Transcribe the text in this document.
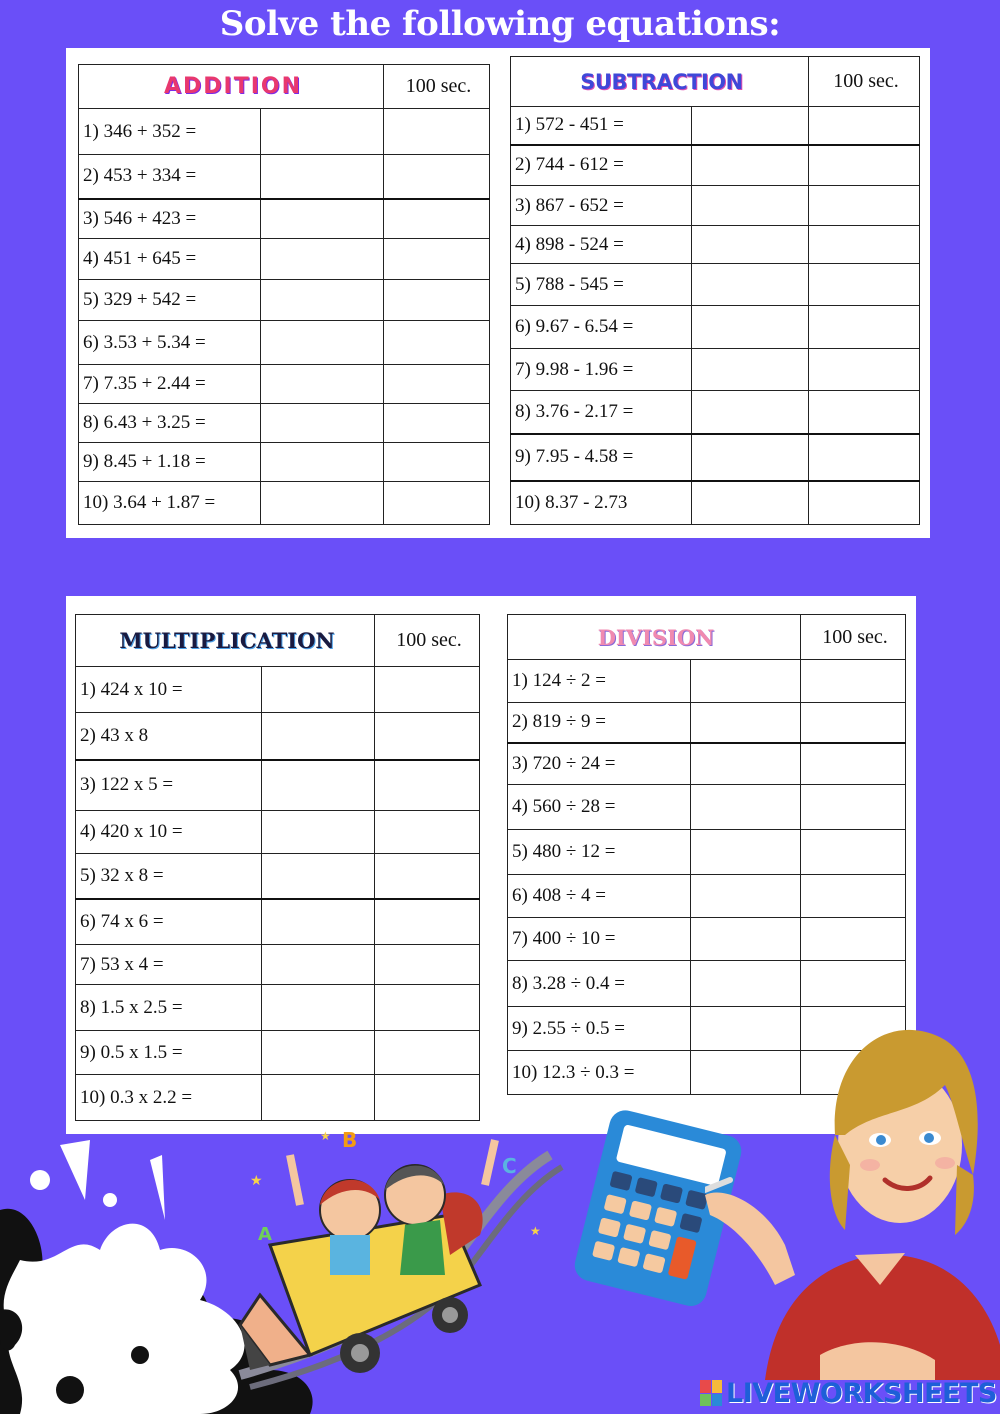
Solve the following equations:
ADDITION		100 sec.
1) 346 + 352 =		
2) 453 + 334 =		
3) 546 + 423 =		
4) 451 + 645 =		
5) 329 + 542 =		
6) 3.53 + 5.34 =		
7) 7.35 + 2.44 =		
8) 6.43 + 3.25 =		
9) 8.45 + 1.18 =		
10) 3.64 + 1.87 =		
SUBTRACTION		100 sec.
1) 572 - 451 =		
2) 744 - 612 =		
3) 867 - 652 =		
4) 898 - 524 =		
5) 788 - 545 =		
6) 9.67 - 6.54 =		
7) 9.98 - 1.96 =		
8) 3.76 - 2.17 =		
9) 7.95 - 4.58 =		
10) 8.37 - 2.73		
MULTIPLICATION		100 sec.
1) 424 x 10 =		
2) 43 x 8		
3) 122 x 5 =		
4) 420 x 10 =		
5) 32 x 8 =		
6) 74 x 6 =		
7) 53 x 4 =		
8) 1.5 x 2.5 =		
9) 0.5 x 1.5 =		
10) 0.3 x 2.2 =		
DIVISION		100 sec.
1) 124 ÷ 2 =		
2) 819 ÷ 9 =		
3) 720 ÷ 24 =		
4) 560 ÷ 28 =		
5) 480 ÷ 12 =		
6) 408 ÷ 4 =		
7) 400 ÷ 10 =		
8) 3.28 ÷ 0.4 =		
9) 2.55 ÷ 0.5 =		
10) 12.3 ÷ 0.3 =		
B
C
A
★
★
★
LIVEWORKSHEETS
